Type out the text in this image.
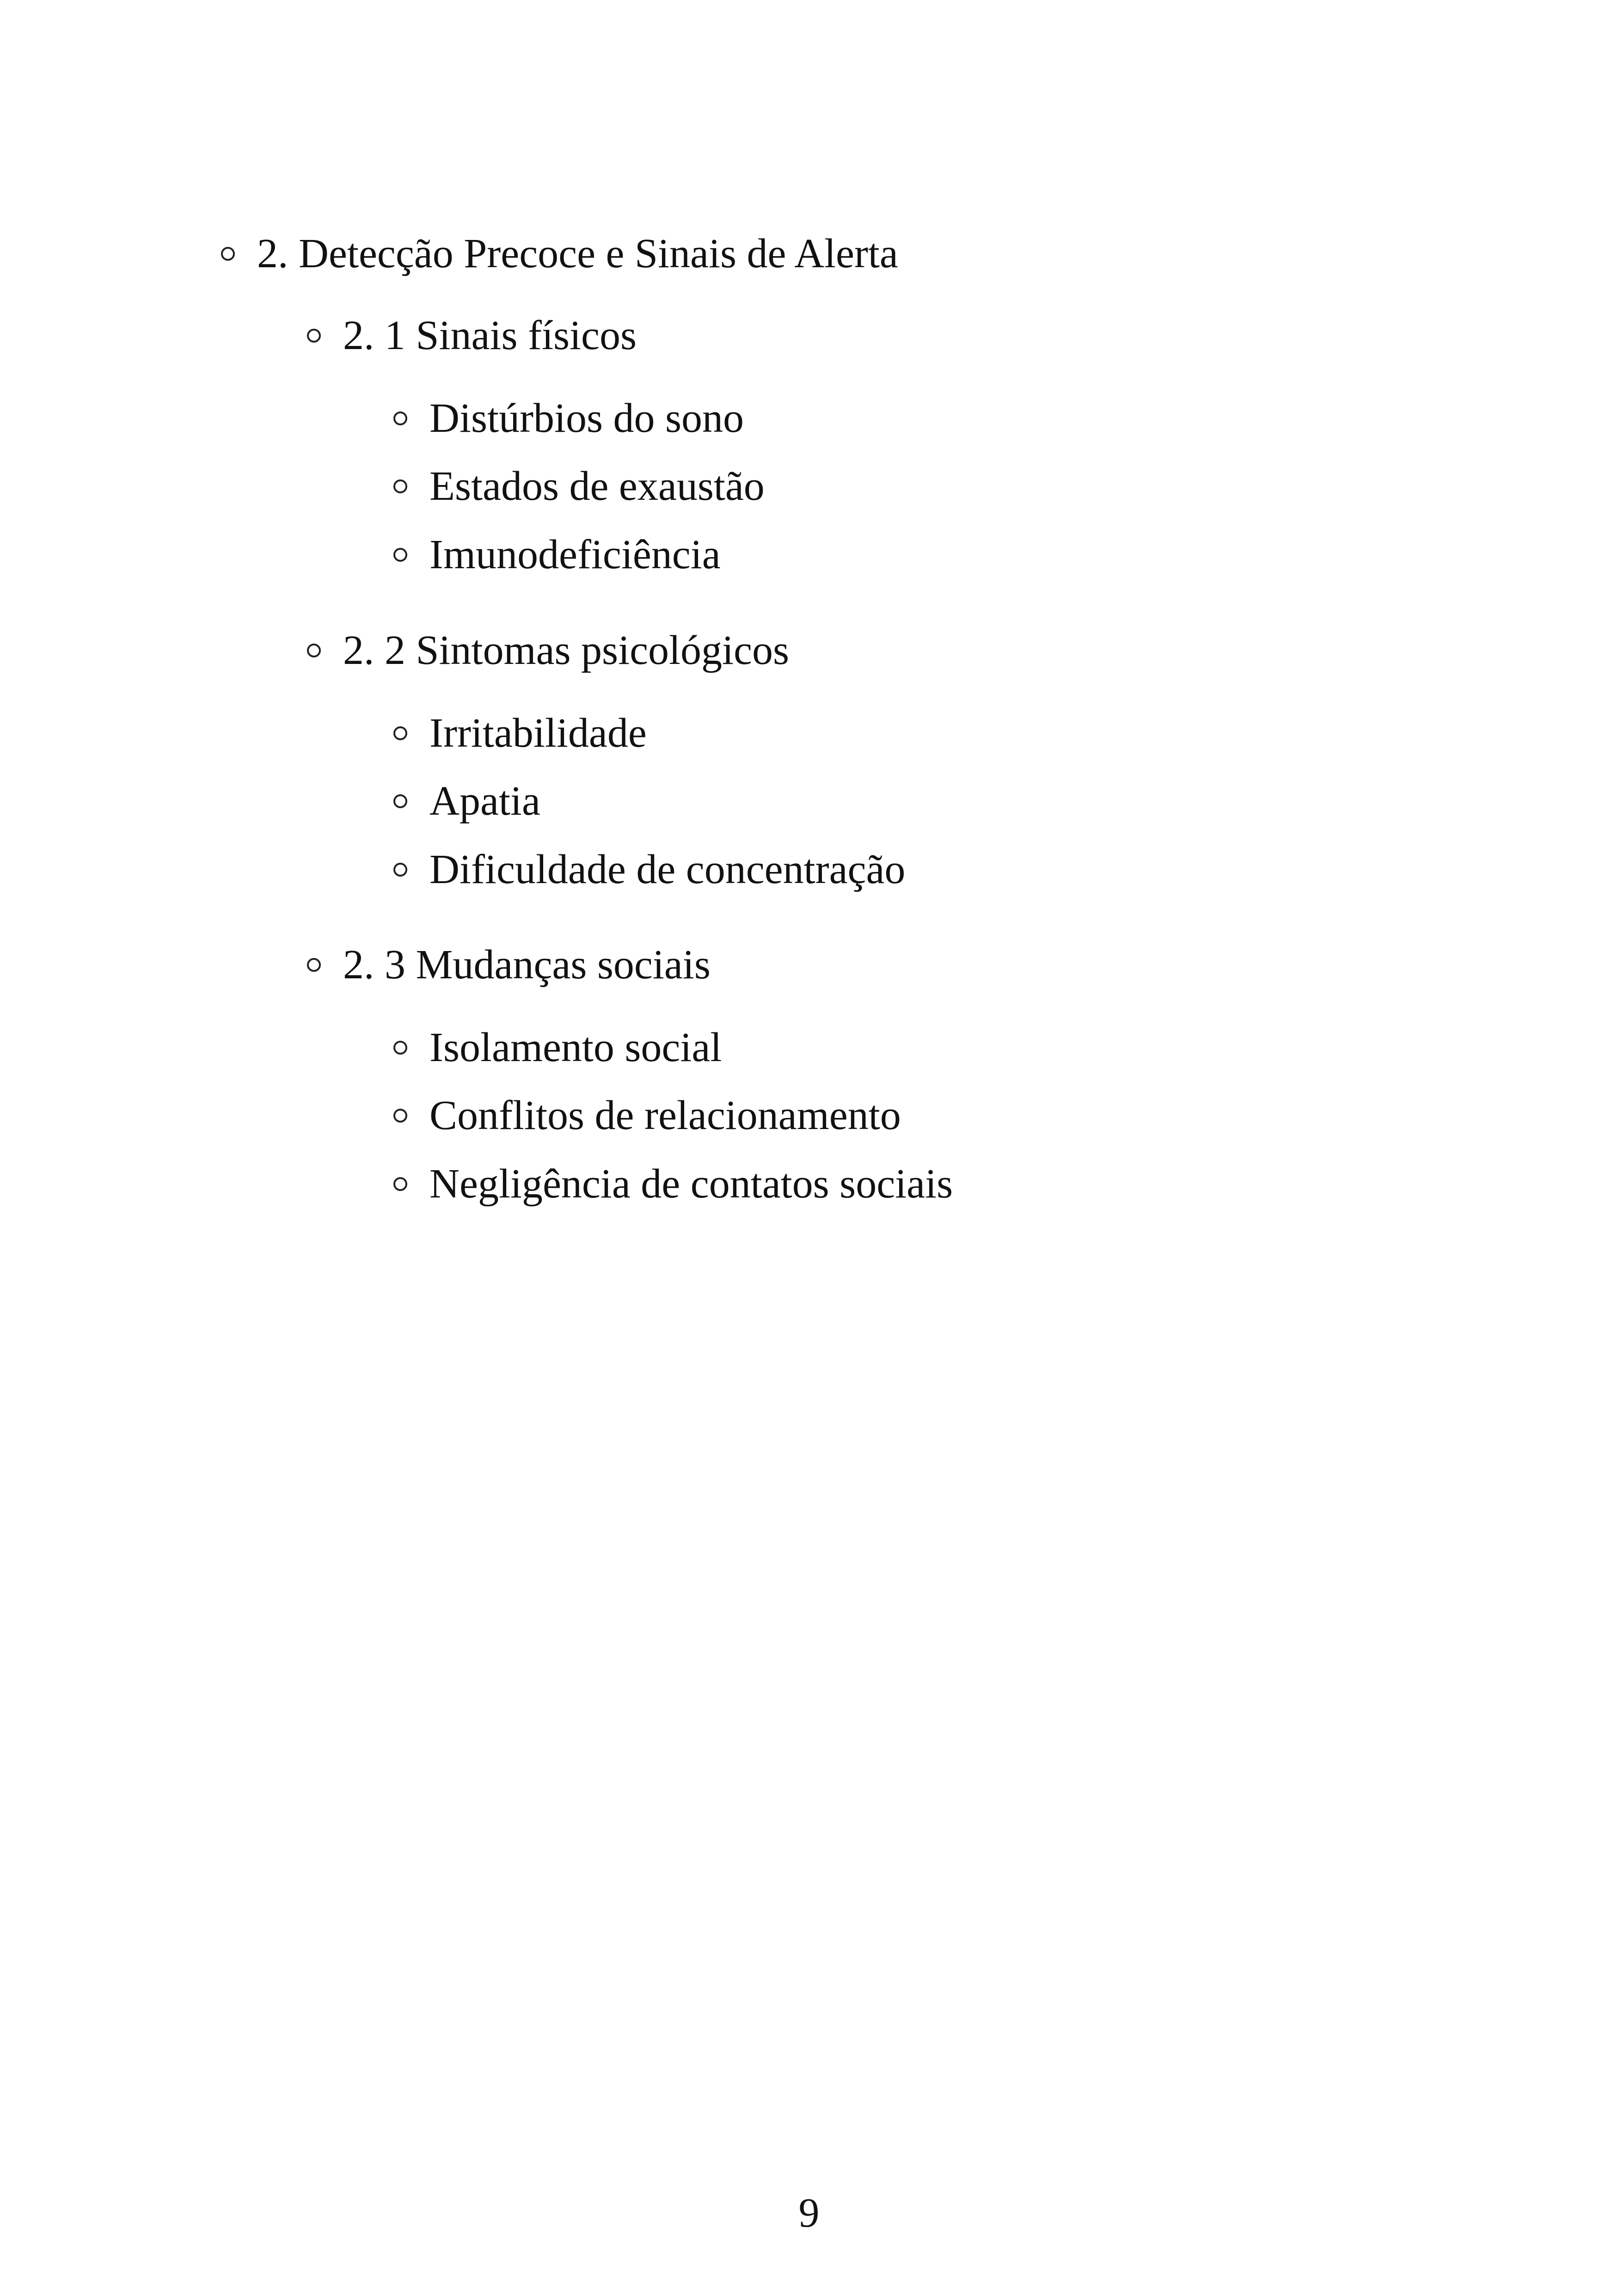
2. Detecção Precoce e Sinais de Alerta
2. 1 Sinais físicos
Distúrbios do sono
Estados de exaustão
Imunodeficiência
2. 2 Sintomas psicológicos
Irritabilidade
Apatia
Dificuldade de concentração
2. 3 Mudanças sociais
Isolamento social
Conflitos de relacionamento
Negligência de contatos sociais
9
